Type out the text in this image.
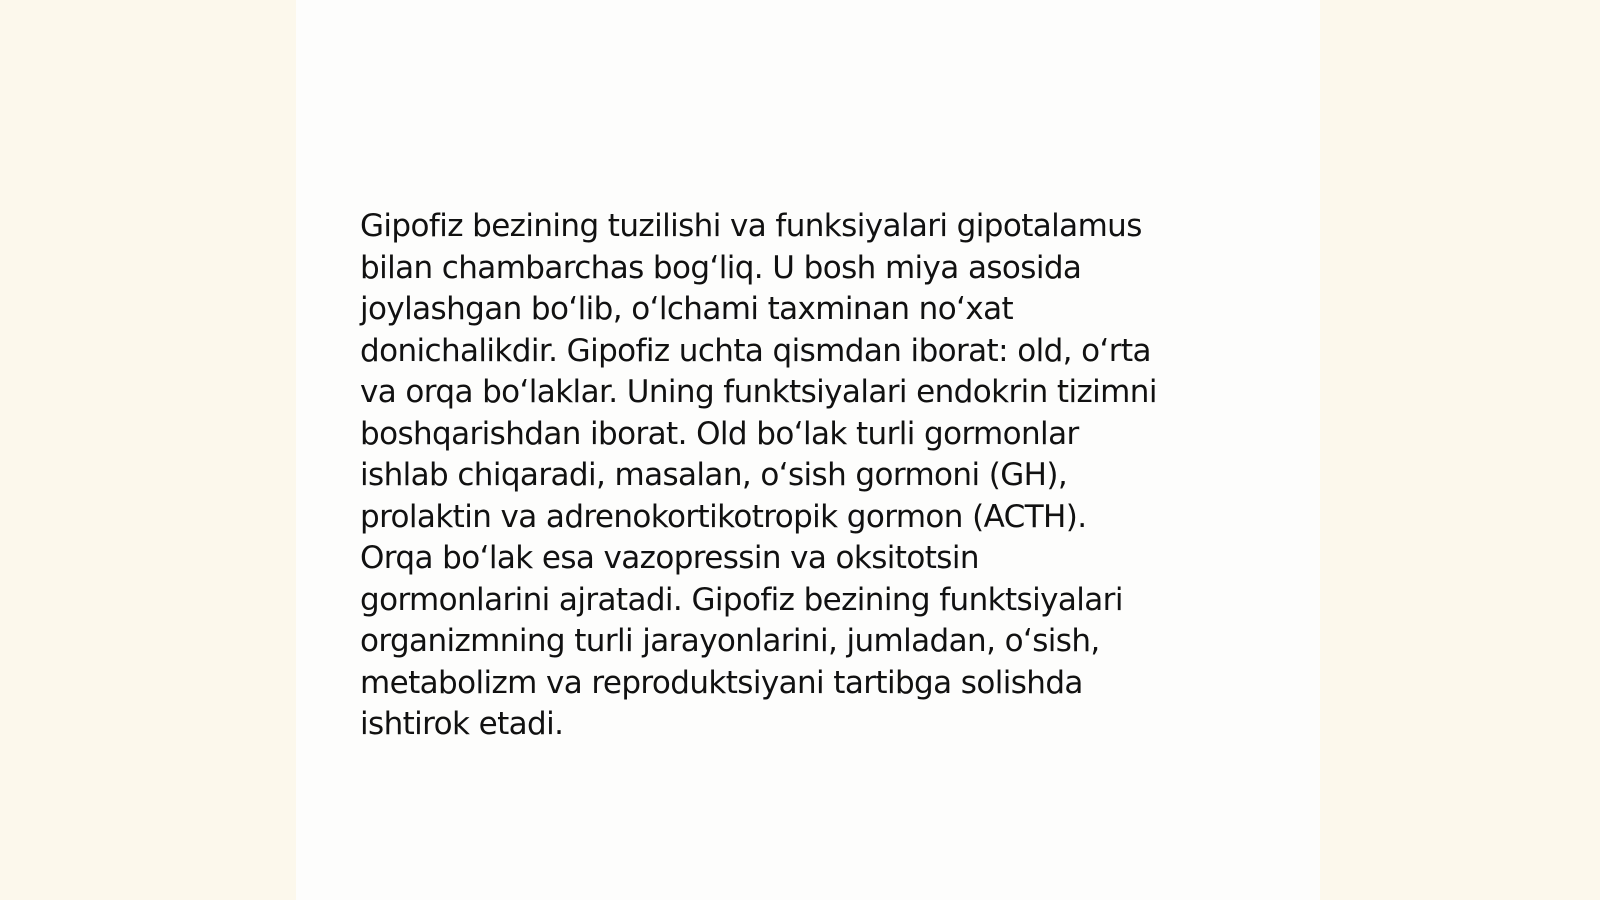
Gipofiz bezining tuzilishi va funksiyalari gipotalamus
bilan chambarchas bogʻliq. U bosh miya asosida
joylashgan boʻlib, oʻlchami taxminan noʻxat
donichalikdir. Gipofiz uchta qismdan iborat: old, oʻrta
va orqa boʻlaklar. Uning funktsiyalari endokrin tizimni
boshqarishdan iborat. Old boʻlak turli gormonlar
ishlab chiqaradi, masalan, oʻsish gormoni (GH),
prolaktin va adrenokortikotropik gormon (ACTH).
Orqa boʻlak esa vazopressin va oksitotsin
gormonlarini ajratadi. Gipofiz bezining funktsiyalari
organizmning turli jarayonlarini, jumladan, oʻsish,
metabolizm va reproduktsiyani tartibga solishda
ishtirok etadi.
